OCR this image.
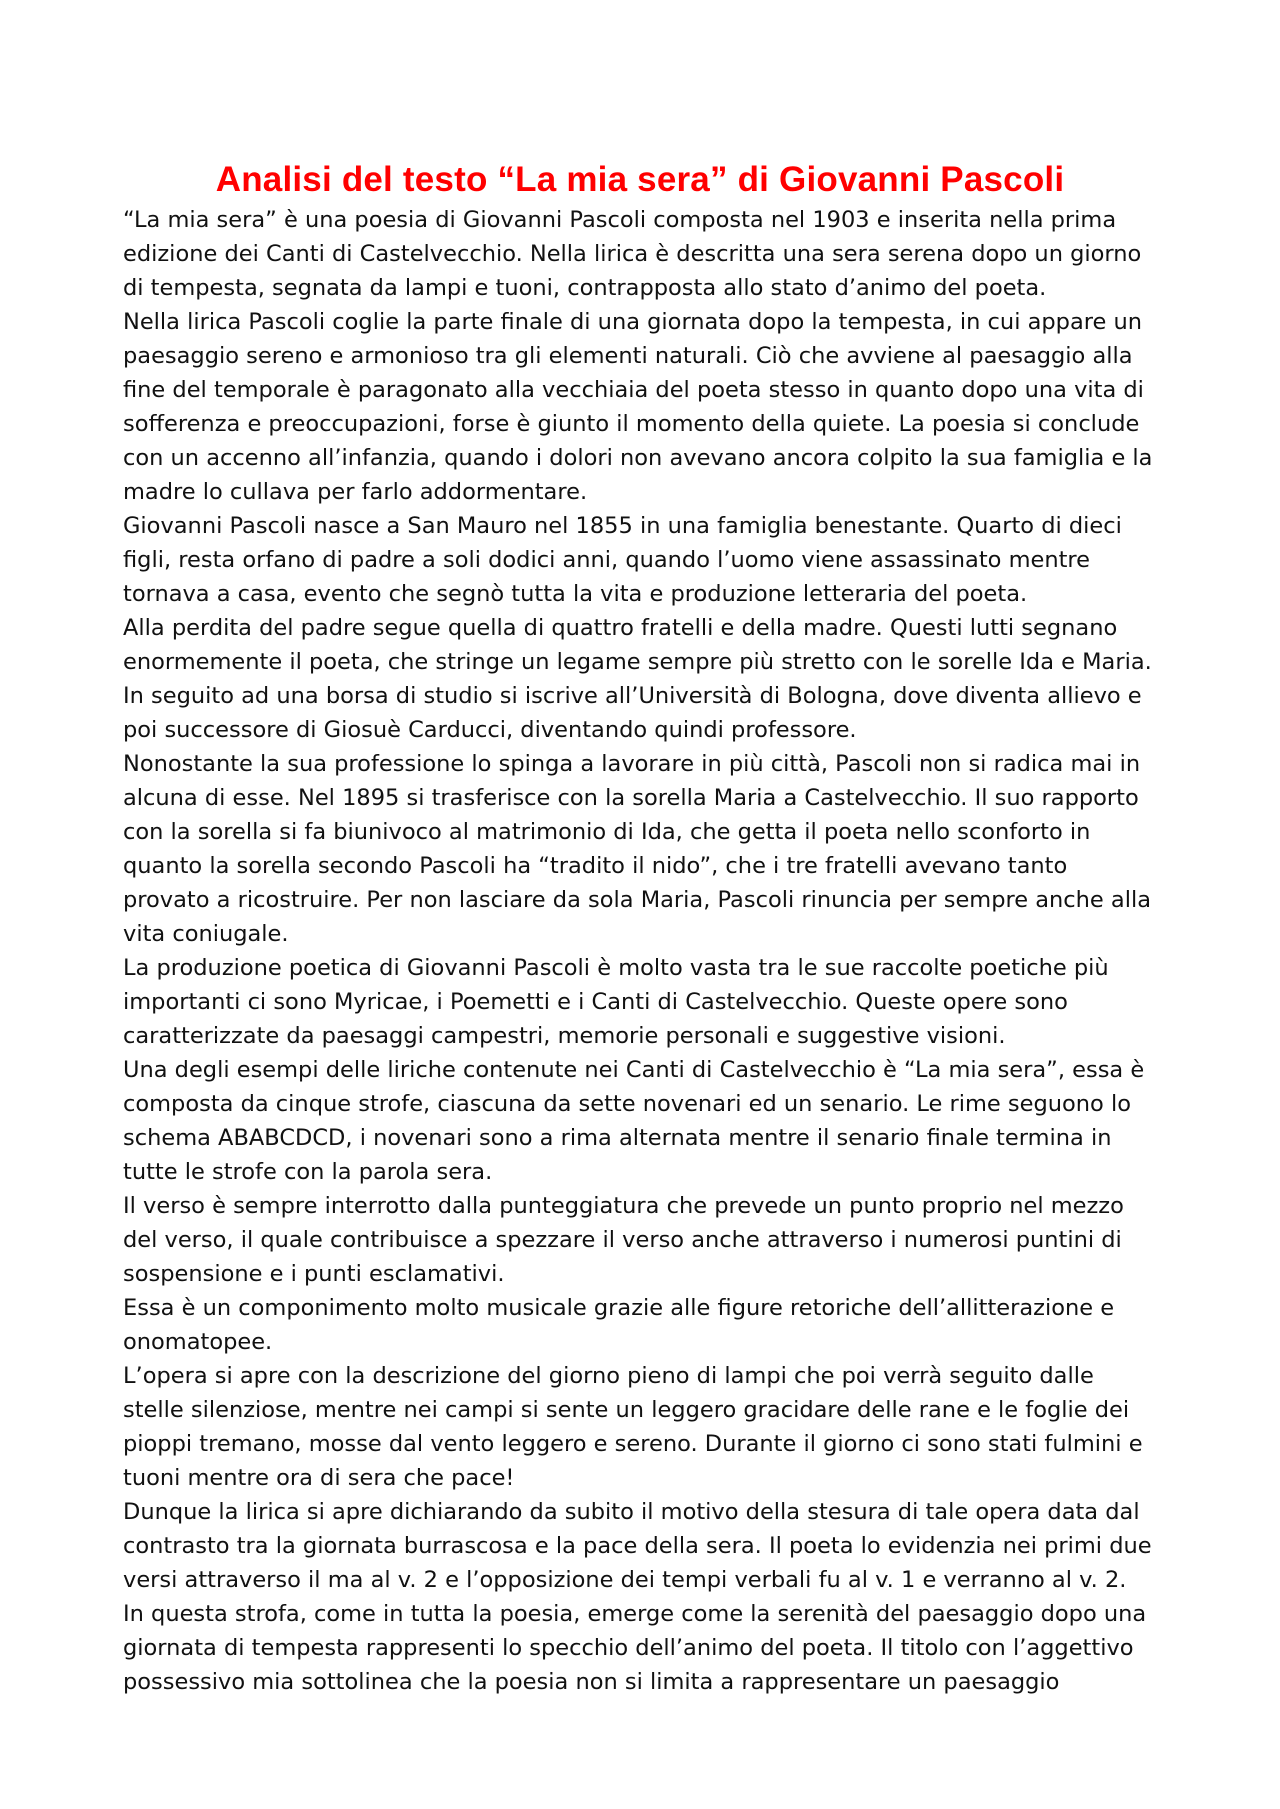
Analisi del testo “La mia sera” di Giovanni Pascoli
“La mia sera” è una poesia di Giovanni Pascoli composta nel 1903 e inserita nella prima
edizione dei Canti di Castelvecchio. Nella lirica è descritta una sera serena dopo un giorno
di tempesta, segnata da lampi e tuoni, contrapposta allo stato d’animo del poeta.
Nella lirica Pascoli coglie la parte finale di una giornata dopo la tempesta, in cui appare un
paesaggio sereno e armonioso tra gli elementi naturali. Ciò che avviene al paesaggio alla
fine del temporale è paragonato alla vecchiaia del poeta stesso in quanto dopo una vita di
sofferenza e preoccupazioni, forse è giunto il momento della quiete. La poesia si conclude
con un accenno all’infanzia, quando i dolori non avevano ancora colpito la sua famiglia e la
madre lo cullava per farlo addormentare.
Giovanni Pascoli nasce a San Mauro nel 1855 in una famiglia benestante. Quarto di dieci
figli, resta orfano di padre a soli dodici anni, quando l’uomo viene assassinato mentre
tornava a casa, evento che segnò tutta la vita e produzione letteraria del poeta.
Alla perdita del padre segue quella di quattro fratelli e della madre. Questi lutti segnano
enormemente il poeta, che stringe un legame sempre più stretto con le sorelle Ida e Maria.
In seguito ad una borsa di studio si iscrive all’Università di Bologna, dove diventa allievo e
poi successore di Giosuè Carducci, diventando quindi professore.
Nonostante la sua professione lo spinga a lavorare in più città, Pascoli non si radica mai in
alcuna di esse. Nel 1895 si trasferisce con la sorella Maria a Castelvecchio. Il suo rapporto
con la sorella si fa biunivoco al matrimonio di Ida, che getta il poeta nello sconforto in
quanto la sorella secondo Pascoli ha “tradito il nido”, che i tre fratelli avevano tanto
provato a ricostruire. Per non lasciare da sola Maria, Pascoli rinuncia per sempre anche alla
vita coniugale.
La produzione poetica di Giovanni Pascoli è molto vasta tra le sue raccolte poetiche più
importanti ci sono Myricae, i Poemetti e i Canti di Castelvecchio. Queste opere sono
caratterizzate da paesaggi campestri, memorie personali e suggestive visioni.
Una degli esempi delle liriche contenute nei Canti di Castelvecchio è “La mia sera”, essa è
composta da cinque strofe, ciascuna da sette novenari ed un senario. Le rime seguono lo
schema ABABCDCD, i novenari sono a rima alternata mentre il senario finale termina in
tutte le strofe con la parola sera.
Il verso è sempre interrotto dalla punteggiatura che prevede un punto proprio nel mezzo
del verso, il quale contribuisce a spezzare il verso anche attraverso i numerosi puntini di
sospensione e i punti esclamativi.
Essa è un componimento molto musicale grazie alle figure retoriche dell’allitterazione e
onomatopee.
L’opera si apre con la descrizione del giorno pieno di lampi che poi verrà seguito dalle
stelle silenziose, mentre nei campi si sente un leggero gracidare delle rane e le foglie dei
pioppi tremano, mosse dal vento leggero e sereno. Durante il giorno ci sono stati fulmini e
tuoni mentre ora di sera che pace!
Dunque la lirica si apre dichiarando da subito il motivo della stesura di tale opera data dal
contrasto tra la giornata burrascosa e la pace della sera. Il poeta lo evidenzia nei primi due
versi attraverso il ma al v. 2 e l’opposizione dei tempi verbali fu al v. 1 e verranno al v. 2.
In questa strofa, come in tutta la poesia, emerge come la serenità del paesaggio dopo una
giornata di tempesta rappresenti lo specchio dell’animo del poeta. Il titolo con l’aggettivo
possessivo mia sottolinea che la poesia non si limita a rappresentare un paesaggio
